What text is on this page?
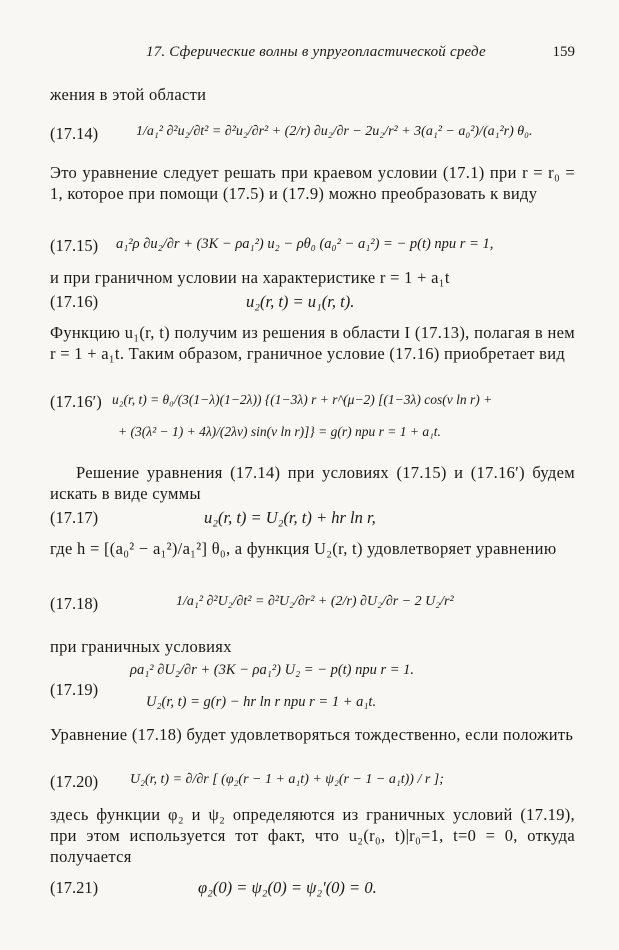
17. Сферические волны в упругопластической среде	159
жения в этой области
(17.14)	1/a₁² ∂²u₂/∂t² = ∂²u₂/∂r² + (2/r) ∂u₂/∂r − 2u₂/r² + 3(a₁² − a₀²)/(a₁²r) θ₀.
Это уравнение следует решать при краевом условии (17.1) при r = r₀ = 1, которое при помощи (17.5) и (17.9) можно преобразовать к виду
(17.15) a₁²ρ ∂u₂/∂r + (3K − ρa₁²) u₂ − ρθ₀ (a₀² − a₁²) = − p(t) при r = 1,
и при граничном условии на характеристике r = 1 + a₁t
(17.16)	u₂(r, t) = u₁(r, t).
Функцию u₁(r, t) получим из решения в области I (17.13), полагая в нем r = 1 + a₁t. Таким образом, граничное условие (17.16) приобретает вид
(17.16′) u₂(r, t) = θ₀/(3(1−λ)(1−2λ)) {(1−3λ) r + r^(μ−2) [(1−3λ) cos(ν ln r) +
+ (3(λ² − 1) + 4λ)/(2λν) sin(ν ln r)]} = g(r) при r = 1 + a₁t.
Решение уравнения (17.14) при условиях (17.15) и (17.16′) будем искать в виде суммы
(17.17)	u₂(r, t) = U₂(r, t) + hr ln r,
где h = [(a₀² − a₁²)/a₁²] θ₀, а функция U₂(r, t) удовлетворяет уравнению
(17.18)	1/a₁² ∂²U₂/∂t² = ∂²U₂/∂r² + (2/r) ∂U₂/∂r − 2 U₂/r²
при граничных условиях
(17.19)
ρa₁² ∂U₂/∂r + (3K − ρa₁²) U₂ = − p(t) при r = 1.
U₂(r, t) = g(r) − hr ln r при r = 1 + a₁t.
Уравнение (17.18) будет удовлетворяться тождественно, если положить
(17.20) U₂(r, t) = ∂/∂r [ (φ₂(r − 1 + a₁t) + ψ₂(r − 1 − a₁t)) / r ];
здесь функции φ₂ и ψ₂ определяются из граничных условий (17.19), при этом используется тот факт, что u₂(r₀, t)|r₀=1, t=0 = 0, откуда получается
(17.21)	φ₂(0) = ψ₂(0) = ψ₂′(0) = 0.
